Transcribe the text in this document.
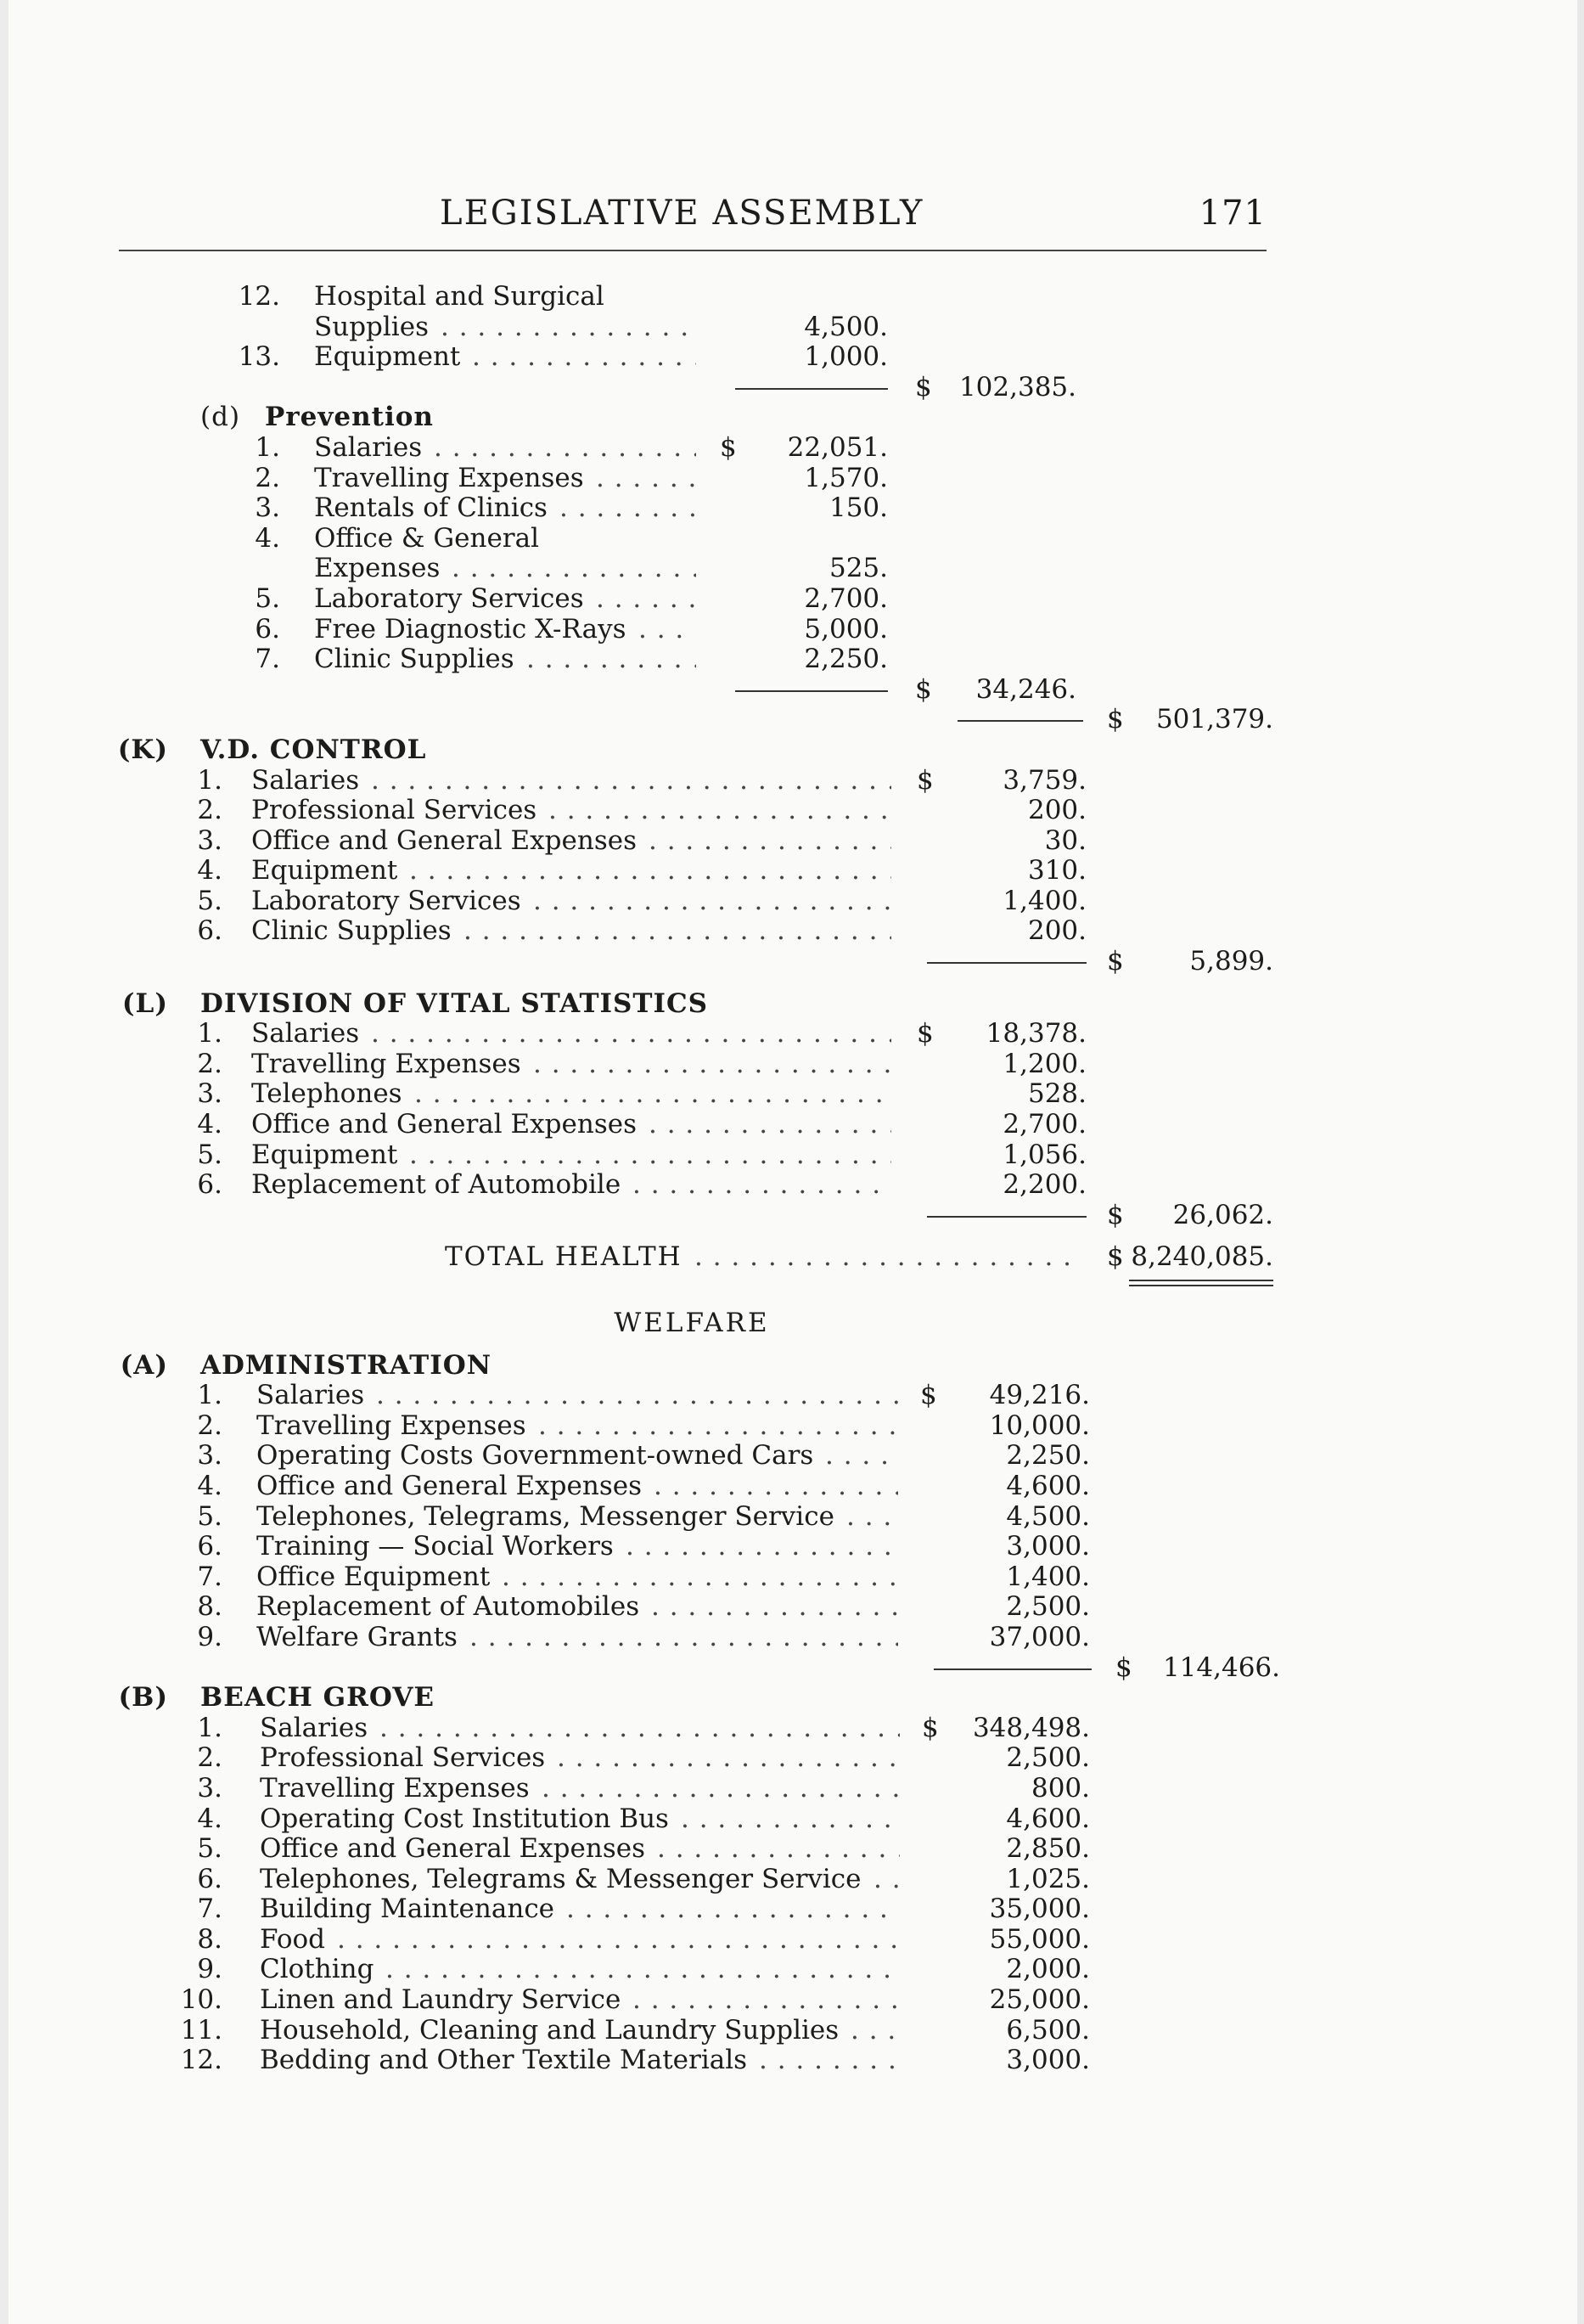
LEGISLATIVE ASSEMBLY	171
12. Hospital and Surgical
Supplies . . .	4,500.
13. Equipment . . .	1,000.
$	102,385.
(d) Prevention
1. Salaries . . .	$	22,051.
2. Travelling Expenses . . .	1,570.
3. Rentals of Clinics . . .	150.
4. Office & General
Expenses . . .	525.
5. Laboratory Services . . .	2,700.
6. Free Diagnostic X-Rays . . .	5,000.
7. Clinic Supplies . . .	2,250.
$	34,246.
$	501,379.
(K) V.D. CONTROL
1. Salaries . . .	$	3,759.
2. Professional Services . . .	200.
3. Office and General Expenses . . .	30.
4. Equipment . . .	310.
5. Laboratory Services . . .	1,400.
6. Clinic Supplies . . .	200.
$	5,899.
(L) DIVISION OF VITAL STATISTICS
1. Salaries . . .	$	18,378.
2. Travelling Expenses . . .	1,200.
3. Telephones . . .	528.
4. Office and General Expenses . . .	2,700.
5. Equipment . . .	1,056.
6. Replacement of Automobile . . .	2,200.
$	26,062.
TOTAL HEALTH . . .	$ 8,240,085.
WELFARE
(A) ADMINISTRATION
1. Salaries . . .	$	49,216.
2. Travelling Expenses . . .	10,000.
3. Operating Costs Government-owned Cars . . .	2,250.
4. Office and General Expenses . . .	4,600.
5. Telephones, Telegrams, Messenger Service . . .	4,500.
6. Training — Social Workers . . .	3,000.
7. Office Equipment . . .	1,400.
8. Replacement of Automobiles . . .	2,500.
9. Welfare Grants . . .	37,000.
$	114,466.
(B) BEACH GROVE
1. Salaries . . .	$	348,498.
2. Professional Services . . .	2,500.
3. Travelling Expenses . . .	800.
4. Operating Cost Institution Bus . . .	4,600.
5. Office and General Expenses . . .	2,850.
6. Telephones, Telegrams & Messenger Service . . .	1,025.
7. Building Maintenance . . .	35,000.
8. Food . . .	55,000.
9. Clothing . . .	2,000.
10. Linen and Laundry Service . . .	25,000.
11. Household, Cleaning and Laundry Supplies . . .	6,500.
12. Bedding and Other Textile Materials . . .	3,000.
